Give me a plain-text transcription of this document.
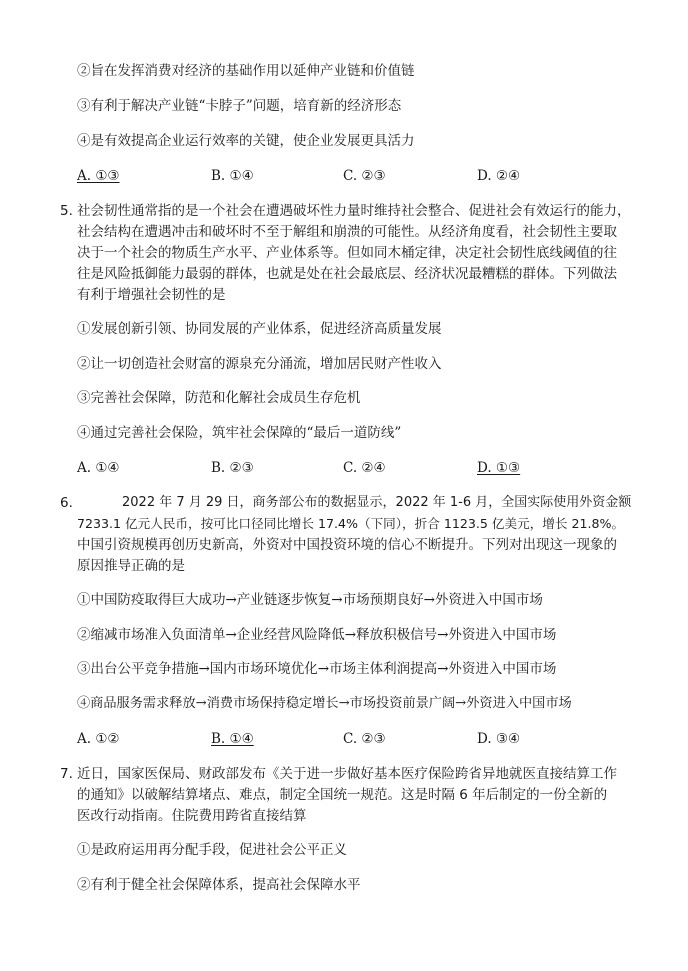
②旨在发挥消费对经济的基础作用以延伸产业链和价值链
③有利于解决产业链“卡脖子”问题，培育新的经济形态
④是有效提高企业运行效率的关键，使企业发展更具活力
A. ①③	B. ①④	C. ②③	D. ②④
5. 社会韧性通常指的是一个社会在遭遇破坏性力量时维持社会整合、促进社会有效运行的能力，
社会结构在遭遇冲击和破坏时不至于解组和崩溃的可能性。从经济角度看，社会韧性主要取
决于一个社会的物质生产水平、产业体系等。但如同木桶定律，决定社会韧性底线阈值的往
往是风险抵御能力最弱的群体，也就是处在社会最底层、经济状况最糟糕的群体。下列做法
有利于增强社会韧性的是
①发展创新引领、协同发展的产业体系，促进经济高质量发展
②让一切创造社会财富的源泉充分涌流，增加居民财产性收入
③完善社会保障，防范和化解社会成员生存危机
④通过完善社会保险，筑牢社会保障的“最后一道防线”
A. ①④	B. ②③	C. ②④	D. ①③
6.	2022 年 7 月 29 日，商务部公布的数据显示，2022 年 1-6 月，全国实际使用外资金额
7233.1 亿元人民币，按可比口径同比增长 17.4%（下同），折合 1123.5 亿美元，增长 21.8%。
中国引资规模再创历史新高，外资对中国投资环境的信心不断提升。下列对出现这一现象的
原因推导正确的是
①中国防疫取得巨大成功→产业链逐步恢复→市场预期良好→外资进入中国市场
②缩减市场准入负面清单→企业经营风险降低→释放积极信号→外资进入中国市场
③出台公平竞争措施→国内市场环境优化→市场主体利润提高→外资进入中国市场
④商品服务需求释放→消费市场保持稳定增长→市场投资前景广阔→外资进入中国市场
A. ①②	B. ①④	C. ②③	D. ③④
7. 近日，国家医保局、财政部发布《关于进一步做好基本医疗保险跨省异地就医直接结算工作
的通知》以破解结算堵点、难点，制定全国统一规范。这是时隔 6 年后制定的一份全新的
医改行动指南。住院费用跨省直接结算
①是政府运用再分配手段，促进社会公平正义
②有利于健全社会保障体系，提高社会保障水平
